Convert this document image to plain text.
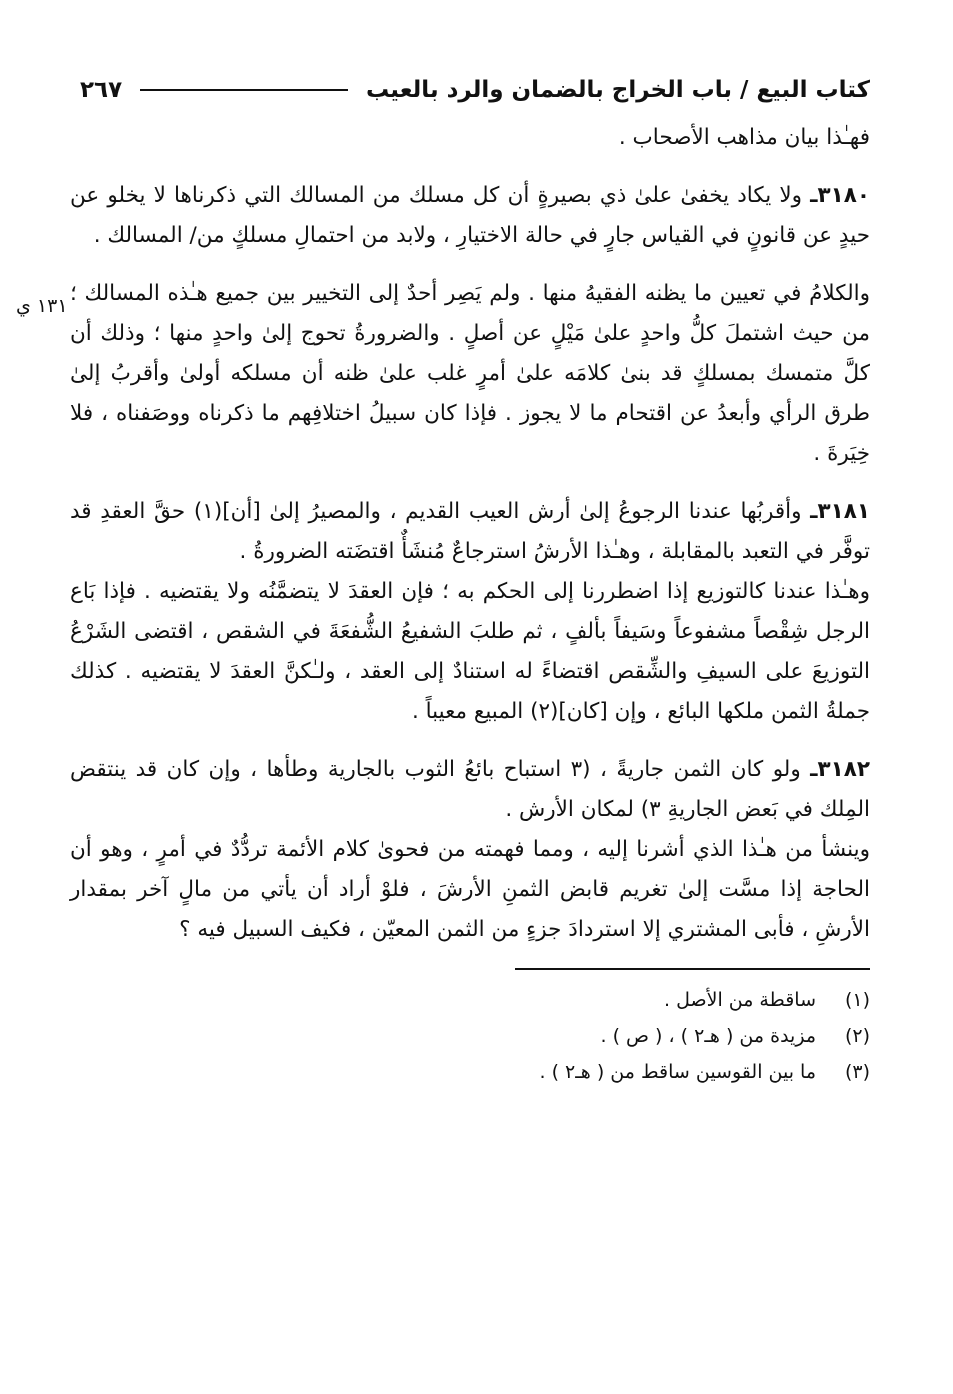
١٣١ ي
كتاب البيع / باب الخراج بالضمان والرد بالعيب
٢٦٧

فهـٰذا بيان مذاهب الأصحاب .

٣١٨٠ـ ولا يكاد يخفىٰ علىٰ ذي بصيرةٍ أن كل مسلك من المسالك التي ذكرناها لا يخلو عن حيدٍ عن قانونٍ في القياس جارٍ في حالة الاختيارِ ، ولابد من احتمالِ مسلكٍ من/ المسالك .

والكلامُ في تعيين ما يظنه الفقيهُ منها . ولم يَصِر أحدٌ إلى التخيير بين جميع هـٰذه المسالك ؛ من حيث اشتملَ كلُّ واحدٍ علىٰ مَيْلٍ عن أصلٍ . والضرورةُ تحوج إلىٰ واحدٍ منها ؛ وذلك أن كلَّ متمسك بمسلكٍ قد بنىٰ كلامَه علىٰ أمرٍ غلب علىٰ ظنه أن مسلكه أولىٰ وأقربُ إلىٰ طرق الرأي وأبعدُ عن اقتحام ما لا يجوز . فإذا كان سبيلُ اختلافِهم ما ذكرناه ووصَفناه ، فلا خِيَرةَ .

٣١٨١ـ وأقربُها عندنا الرجوعُ إلىٰ أرش العيب القديم ، والمصيرُ إلىٰ [أن](١) حقَّ العقدِ قد توفَّر في التعبد بالمقابلة ، وهـٰذا الأرشُ استرجاعٌ مُنشَأٌ اقتضَته الضرورةُ .

وهـٰذا عندنا كالتوزيع إذا اضطررنا إلى الحكم به ؛ فإن العقدَ لا يتضمَّنُه ولا يقتضيه . فإذا بَاع الرجل شِقْصاً مشفوعاً وسَيفاً بألفٍ ، ثم طلبَ الشفيعُ الشُّفعَةَ في الشقص ، اقتضى الشَرْعُ التوزيعَ على السيفِ والشِّقص اقتضاءً له استنادٌ إلى العقد ، ولـٰكنَّ العقدَ لا يقتضيه . كذلك جملةُ الثمن ملكها البائع ، وإن [كان](٢) المبيع معيباً .

٣١٨٢ـ ولو كان الثمن جاريةً ، (٣ استباح بائعُ الثوب بالجارية وطأها ، وإن كان قد ينتقض المِلك في بَعض الجاريةِ ٣) لمكان الأرش .

وينشأ من هـٰذا الذي أشرنا إليه ، ومما فهمته من فحوىٰ كلام الأئمة تردُّدٌ في أمرٍ ، وهو أن الحاجة إذا مسَّت إلىٰ تغريم قابض الثمنِ الأرشَ ، فلوْ أراد أن يأتي من مالٍ آخر بمقدار الأرشِ ، فأبى المشتري إلا استردادَ جزءٍ من الثمن المعيّن ، فكيف السبيل فيه ؟

(١)
ساقطة من الأصل .
(٢)
مزيدة من ( هـ٢ ) ، ( ص ) .
(٣)
ما بين القوسين ساقط من ( هـ٢ ) .
